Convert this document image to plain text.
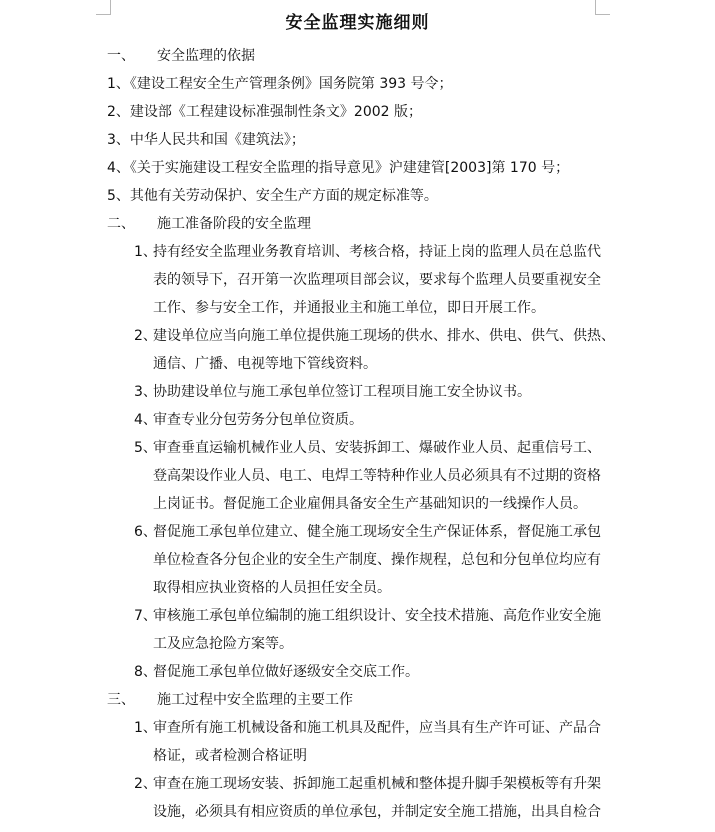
安全监理实施细则
一、 安全监理的依据
1、《建设工程安全生产管理条例》国务院第 393 号令；
2、建设部《工程建设标准强制性条文》2002 版；
3、中华人民共和国《建筑法》；
4、《关于实施建设工程安全监理的指导意见》沪建建管[2003]第 170 号；
5、其他有关劳动保护、安全生产方面的规定标准等。
二、 施工准备阶段的安全监理
1、
持有经安全监理业务教育培训、考核合格，持证上岗的监理人员在总监代
表的领导下，召开第一次监理项目部会议，要求每个监理人员要重视安全
工作、参与安全工作，并通报业主和施工单位，即日开展工作。
2、
建设单位应当向施工单位提供施工现场的供水、排水、供电、供气、供热、
通信、广播、电视等地下管线资料。
3、
协助建设单位与施工承包单位签订工程项目施工安全协议书。
4、
审查专业分包劳务分包单位资质。
5、
审查垂直运输机械作业人员、安装拆卸工、爆破作业人员、起重信号工、
登高架设作业人员、电工、电焊工等特种作业人员必须具有不过期的资格
上岗证书。督促施工企业雇佣具备安全生产基础知识的一线操作人员。
6、
督促施工承包单位建立、健全施工现场安全生产保证体系，督促施工承包
单位检查各分包企业的安全生产制度、操作规程，总包和分包单位均应有
取得相应执业资格的人员担任安全员。
7、
审核施工承包单位编制的施工组织设计、安全技术措施、高危作业安全施
工及应急抢险方案等。
8、
督促施工承包单位做好逐级安全交底工作。
三、 施工过程中安全监理的主要工作
1、
审查所有施工机械设备和施工机具及配件，应当具有生产许可证、产品合
格证，或者检测合格证明
2、
审查在施工现场安装、拆卸施工起重机械和整体提升脚手架模板等有升架
设施，必须具有相应资质的单位承包，并制定安全施工措施，出具自检合
